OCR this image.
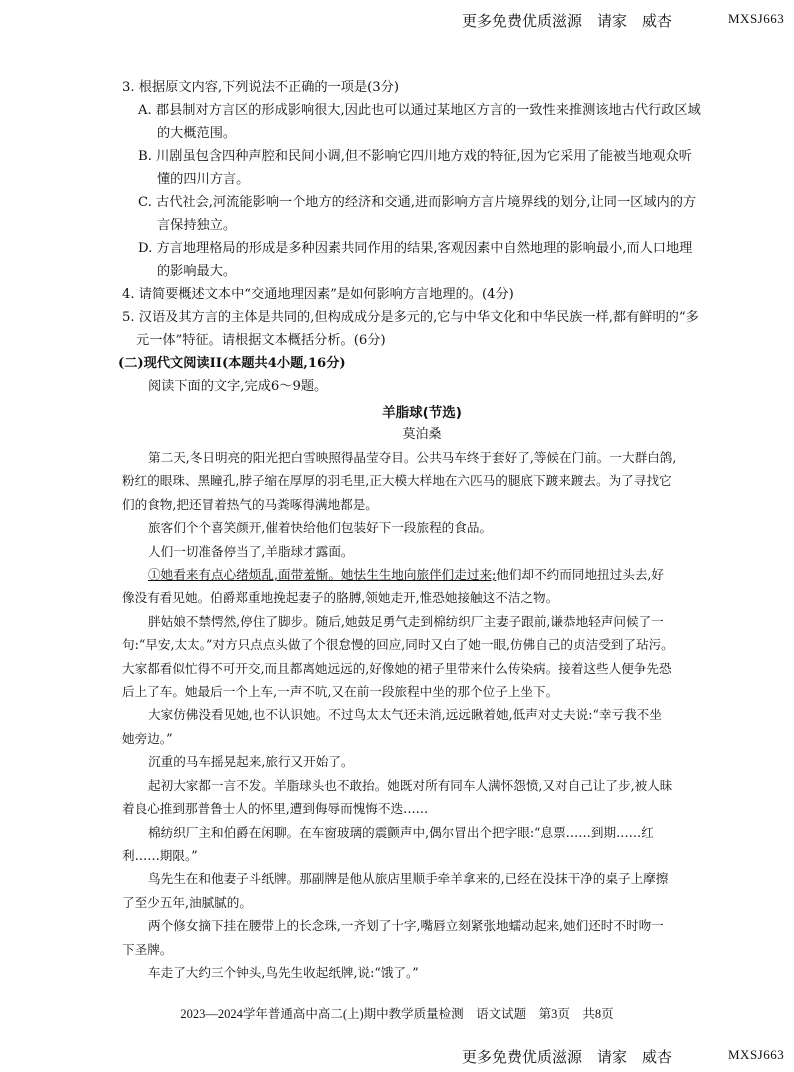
更多免费优质滋源　请家　威杏	MXSJ663
3. 根据原文内容,下列说法不正确的一项是(3分)
A. 郡县制对方言区的形成影响很大,因此也可以通过某地区方言的一致性来推测该地古代行政区域
的大概范围。
B. 川剧虽包含四种声腔和民间小调,但不影响它四川地方戏的特征,因为它采用了能被当地观众听
懂的四川方言。
C. 古代社会,河流能影响一个地方的经济和交通,进而影响方言片境界线的划分,让同一区域内的方
言保持独立。
D. 方言地理格局的形成是多种因素共同作用的结果,客观因素中自然地理的影响最小,而人口地理
的影响最大。
4. 请简要概述文本中“交通地理因素”是如何影响方言地理的。(4分)
5. 汉语及其方言的主体是共同的,但构成成分是多元的,它与中华文化和中华民族一样,都有鲜明的“多
元一体”特征。请根据文本概括分析。(6分)
(二)现代文阅读II(本题共4小题,16分)
阅读下面的文字,完成6～9题。
羊脂球(节选)
莫泊桑
第二天,冬日明亮的阳光把白雪映照得晶莹夺目。公共马车终于套好了,等候在门前。一大群白鸽,
粉红的眼珠、黑瞳孔,脖子缩在厚厚的羽毛里,正大模大样地在六匹马的腿底下踱来踱去。为了寻找它
们的食物,把还冒着热气的马粪啄得满地都是。
旅客们个个喜笑颜开,催着快给他们包装好下一段旅程的食品。
人们一切准备停当了,羊脂球才露面。
①她看来有点心绪烦乱,面带羞惭。她怯生生地向旅伴们走过来;他们却不约而同地扭过头去,好
像没有看见她。伯爵郑重地挽起妻子的胳膊,领她走开,惟恐她接触这不洁之物。
胖姑娘不禁愕然,停住了脚步。随后,她鼓足勇气走到棉纺织厂主妻子跟前,谦恭地轻声问候了一
句:“早安,太太。”对方只点点头做了个很怠慢的回应,同时又白了她一眼,仿佛自己的贞洁受到了玷污。
大家都看似忙得不可开交,而且都离她远远的,好像她的裙子里带来什么传染病。接着这些人便争先恐
后上了车。她最后一个上车,一声不吭,又在前一段旅程中坐的那个位子上坐下。
大家仿佛没看见她,也不认识她。不过鸟太太气还未消,远远瞅着她,低声对丈夫说:“幸亏我不坐
她旁边。”
沉重的马车摇晃起来,旅行又开始了。
起初大家都一言不发。羊脂球头也不敢抬。她既对所有同车人满怀怨愤,又对自己让了步,被人昧
着良心推到那普鲁士人的怀里,遭到侮辱而愧悔不迭……
棉纺织厂主和伯爵在闲聊。在车窗玻璃的震颤声中,偶尔冒出个把字眼:“息票……到期……红
利……期限。”
鸟先生在和他妻子斗纸牌。那副牌是他从旅店里顺手牵羊拿来的,已经在没抹干净的桌子上摩擦
了至少五年,油腻腻的。
两个修女摘下挂在腰带上的长念珠,一齐划了十字,嘴唇立刻紧张地蠕动起来,她们还时不时吻一
下圣牌。
车走了大约三个钟头,鸟先生收起纸牌,说:“饿了。”
2023—2024学年普通高中高二(上)期中教学质量检测　语文试题　第3页　共8页
更多免费优质滋源　请家　威杏	MXSJ663
